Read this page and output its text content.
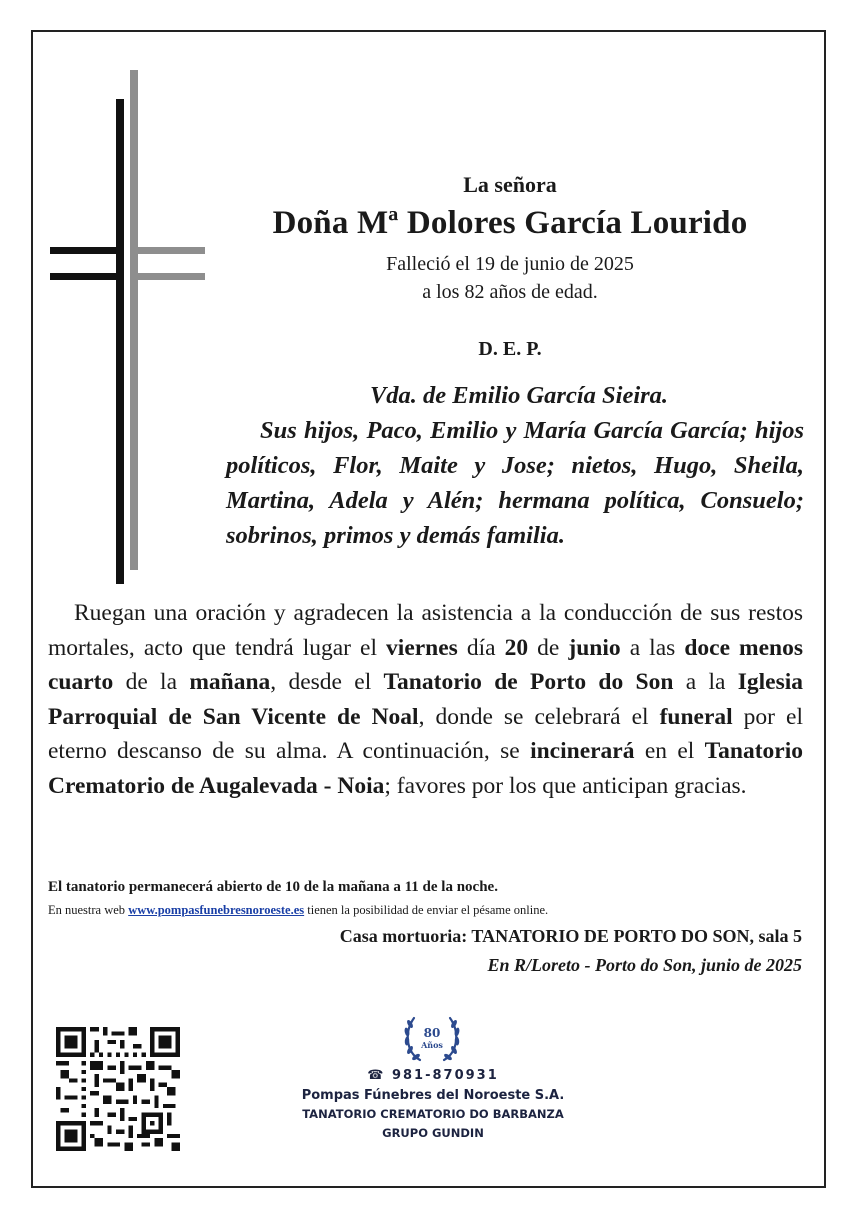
La señora

Doña Mª Dolores García Lourido

Falleció el 19 de junio de 2025
a los 82 años de edad.

D. E. P.

Vda. de Emilio García Sieira.
Sus hijos, Paco, Emilio y María García García; hijos políticos, Flor, Maite y Jose; nietos, Hugo, Sheila, Martina, Adela y Alén; hermana política, Consuelo; sobrinos, primos y demás familia.

Ruegan una oración y agradecen la asistencia a la conducción de sus restos mortales, acto que tendrá lugar el viernes día 20 de junio a las doce menos cuarto de la mañana, desde el Tanatorio de Porto do Son a la Iglesia Parroquial de San Vicente de Noal, donde se celebrará el funeral por el eterno descanso de su alma. A continuación, se incinerará en el Tanatorio Crematorio de Augalevada - Noia; favores por los que anticipan gracias.

El tanatorio permanecerá abierto de 10 de la mañana a 11 de la noche.
En nuestra web www.pompasfunebresnoroeste.es tienen la posibilidad de enviar el pésame online.
Casa mortuoria: TANATORIO DE PORTO DO SON, sala 5
En R/Loreto - Porto do Son, junio de 2025
80
Años

☎ 981-870931

Pompas Fúnebres del Noroeste S.A.

TANATORIO CREMATORIO DO BARBANZA

GRUPO GUNDIN
